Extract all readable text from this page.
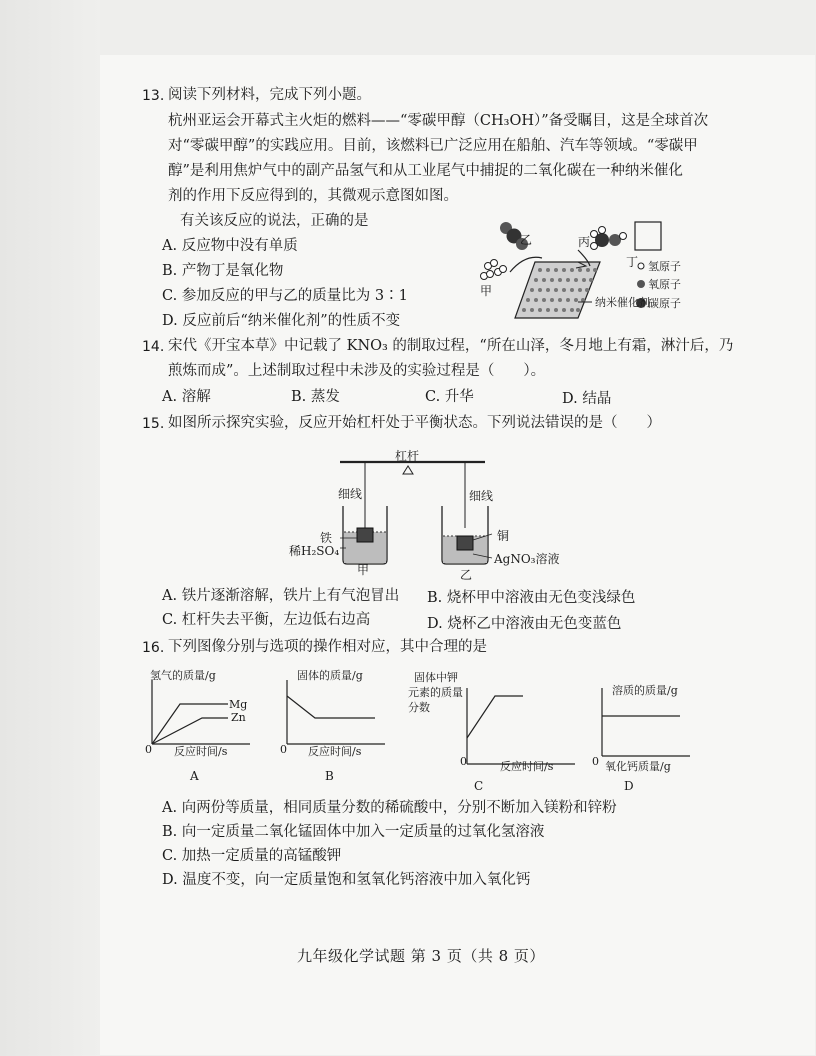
13. 阅读下列材料，完成下列小题。
杭州亚运会开幕式主火炬的燃料——“零碳甲醇（CH₃OH）”备受瞩目，这是全球首次
对“零碳甲醇”的实践应用。目前，该燃料已广泛应用在船舶、汽车等领域。“零碳甲
醇”是利用焦炉气中的副产品氢气和从工业尾气中捕捉的二氧化碳在一种纳米催化
剂的作用下反应得到的，其微观示意图如图。
有关该反应的说法，正确的是
A. 反应物中没有单质
B. 产物丁是氧化物
C. 参加反应的甲与乙的质量比为 3∶1
D. 反应前后“纳米催化剂”的性质不变
乙	丙
丁
甲
纳米催化剂
氢原子
氧原子
碳原子
14. 宋代《开宝本草》中记载了 KNO₃ 的制取过程，“所在山泽，冬月地上有霜，淋汁后，乃
煎炼而成”。上述制取过程中未涉及的实验过程是（　　）。
A. 溶解	B. 蒸发	C. 升华	D. 结晶
15. 如图所示探究实验，反应开始杠杆处于平衡状态。下列说法错误的是（　　）
杠杆
细线	细线
铁
稀H₂SO₄
铜
AgNO₃溶液
甲	乙
A. 铁片逐渐溶解，铁片上有气泡冒出 B. 烧杯甲中溶液由无色变浅绿色
C. 杠杆失去平衡，左边低右边高	D. 烧杯乙中溶液由无色变蓝色
16. 下列图像分别与选项的操作相对应，其中合理的是
氢气的质量/g
Mg
Zn
0 反应时间/s
A
固体的质量/g
0 反应时间/s
B
固体中钾
元素的质量
分数
0	反应时间/s
C
溶质的质量/g
0 氧化钙质量/g
D
A. 向两份等质量，相同质量分数的稀硫酸中，分别不断加入镁粉和锌粉
B. 向一定质量二氧化锰固体中加入一定质量的过氧化氢溶液
C. 加热一定质量的高锰酸钾
D. 温度不变，向一定质量饱和氢氧化钙溶液中加入氧化钙
九年级化学试题 第 3 页（共 8 页）
